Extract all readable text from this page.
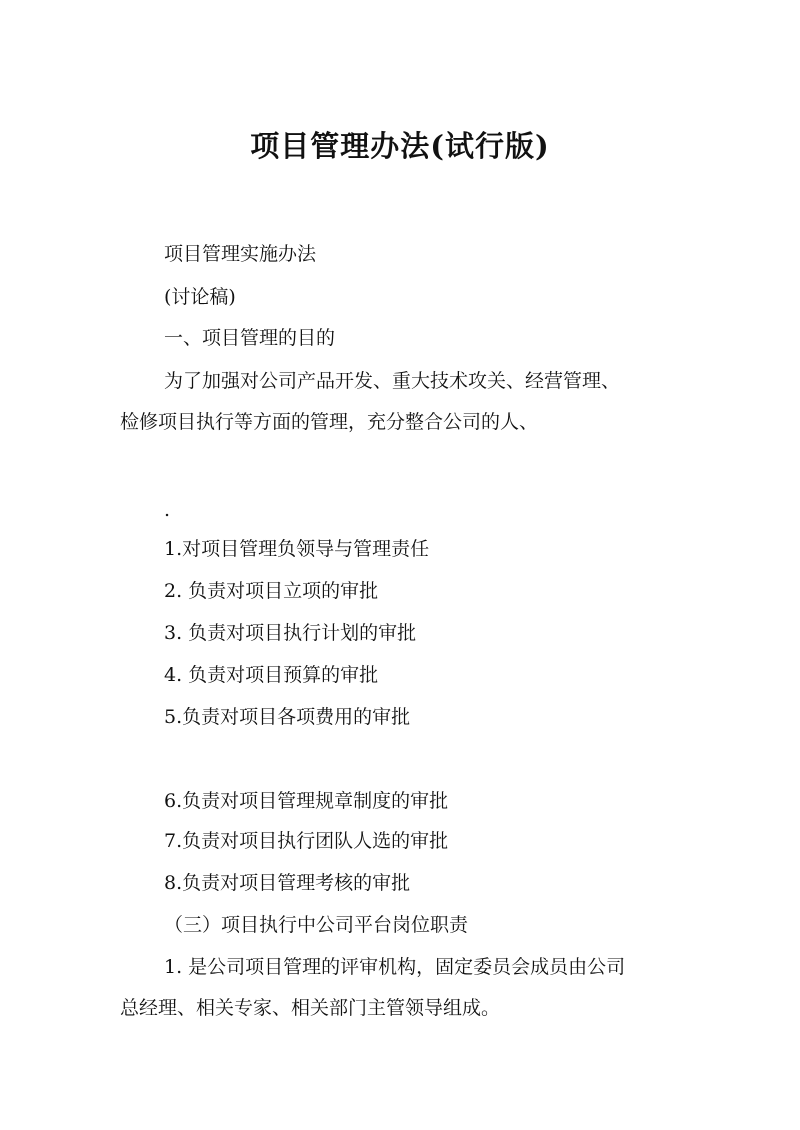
项目管理办法(试行版)
项目管理实施办法
(讨论稿)
一、项目管理的目的
为了加强对公司产品开发、重大技术攻关、经营管理、
检修项目执行等方面的管理，充分整合公司的人、
.
1.对项目管理负领导与管理责任
2. 负责对项目立项的审批
3. 负责对项目执行计划的审批
4. 负责对项目预算的审批
5.负责对项目各项费用的审批
6.负责对项目管理规章制度的审批
7.负责对项目执行团队人选的审批
8.负责对项目管理考核的审批
（三）项目执行中公司平台岗位职责
1. 是公司项目管理的评审机构，固定委员会成员由公司
总经理、相关专家、相关部门主管领导组成。
